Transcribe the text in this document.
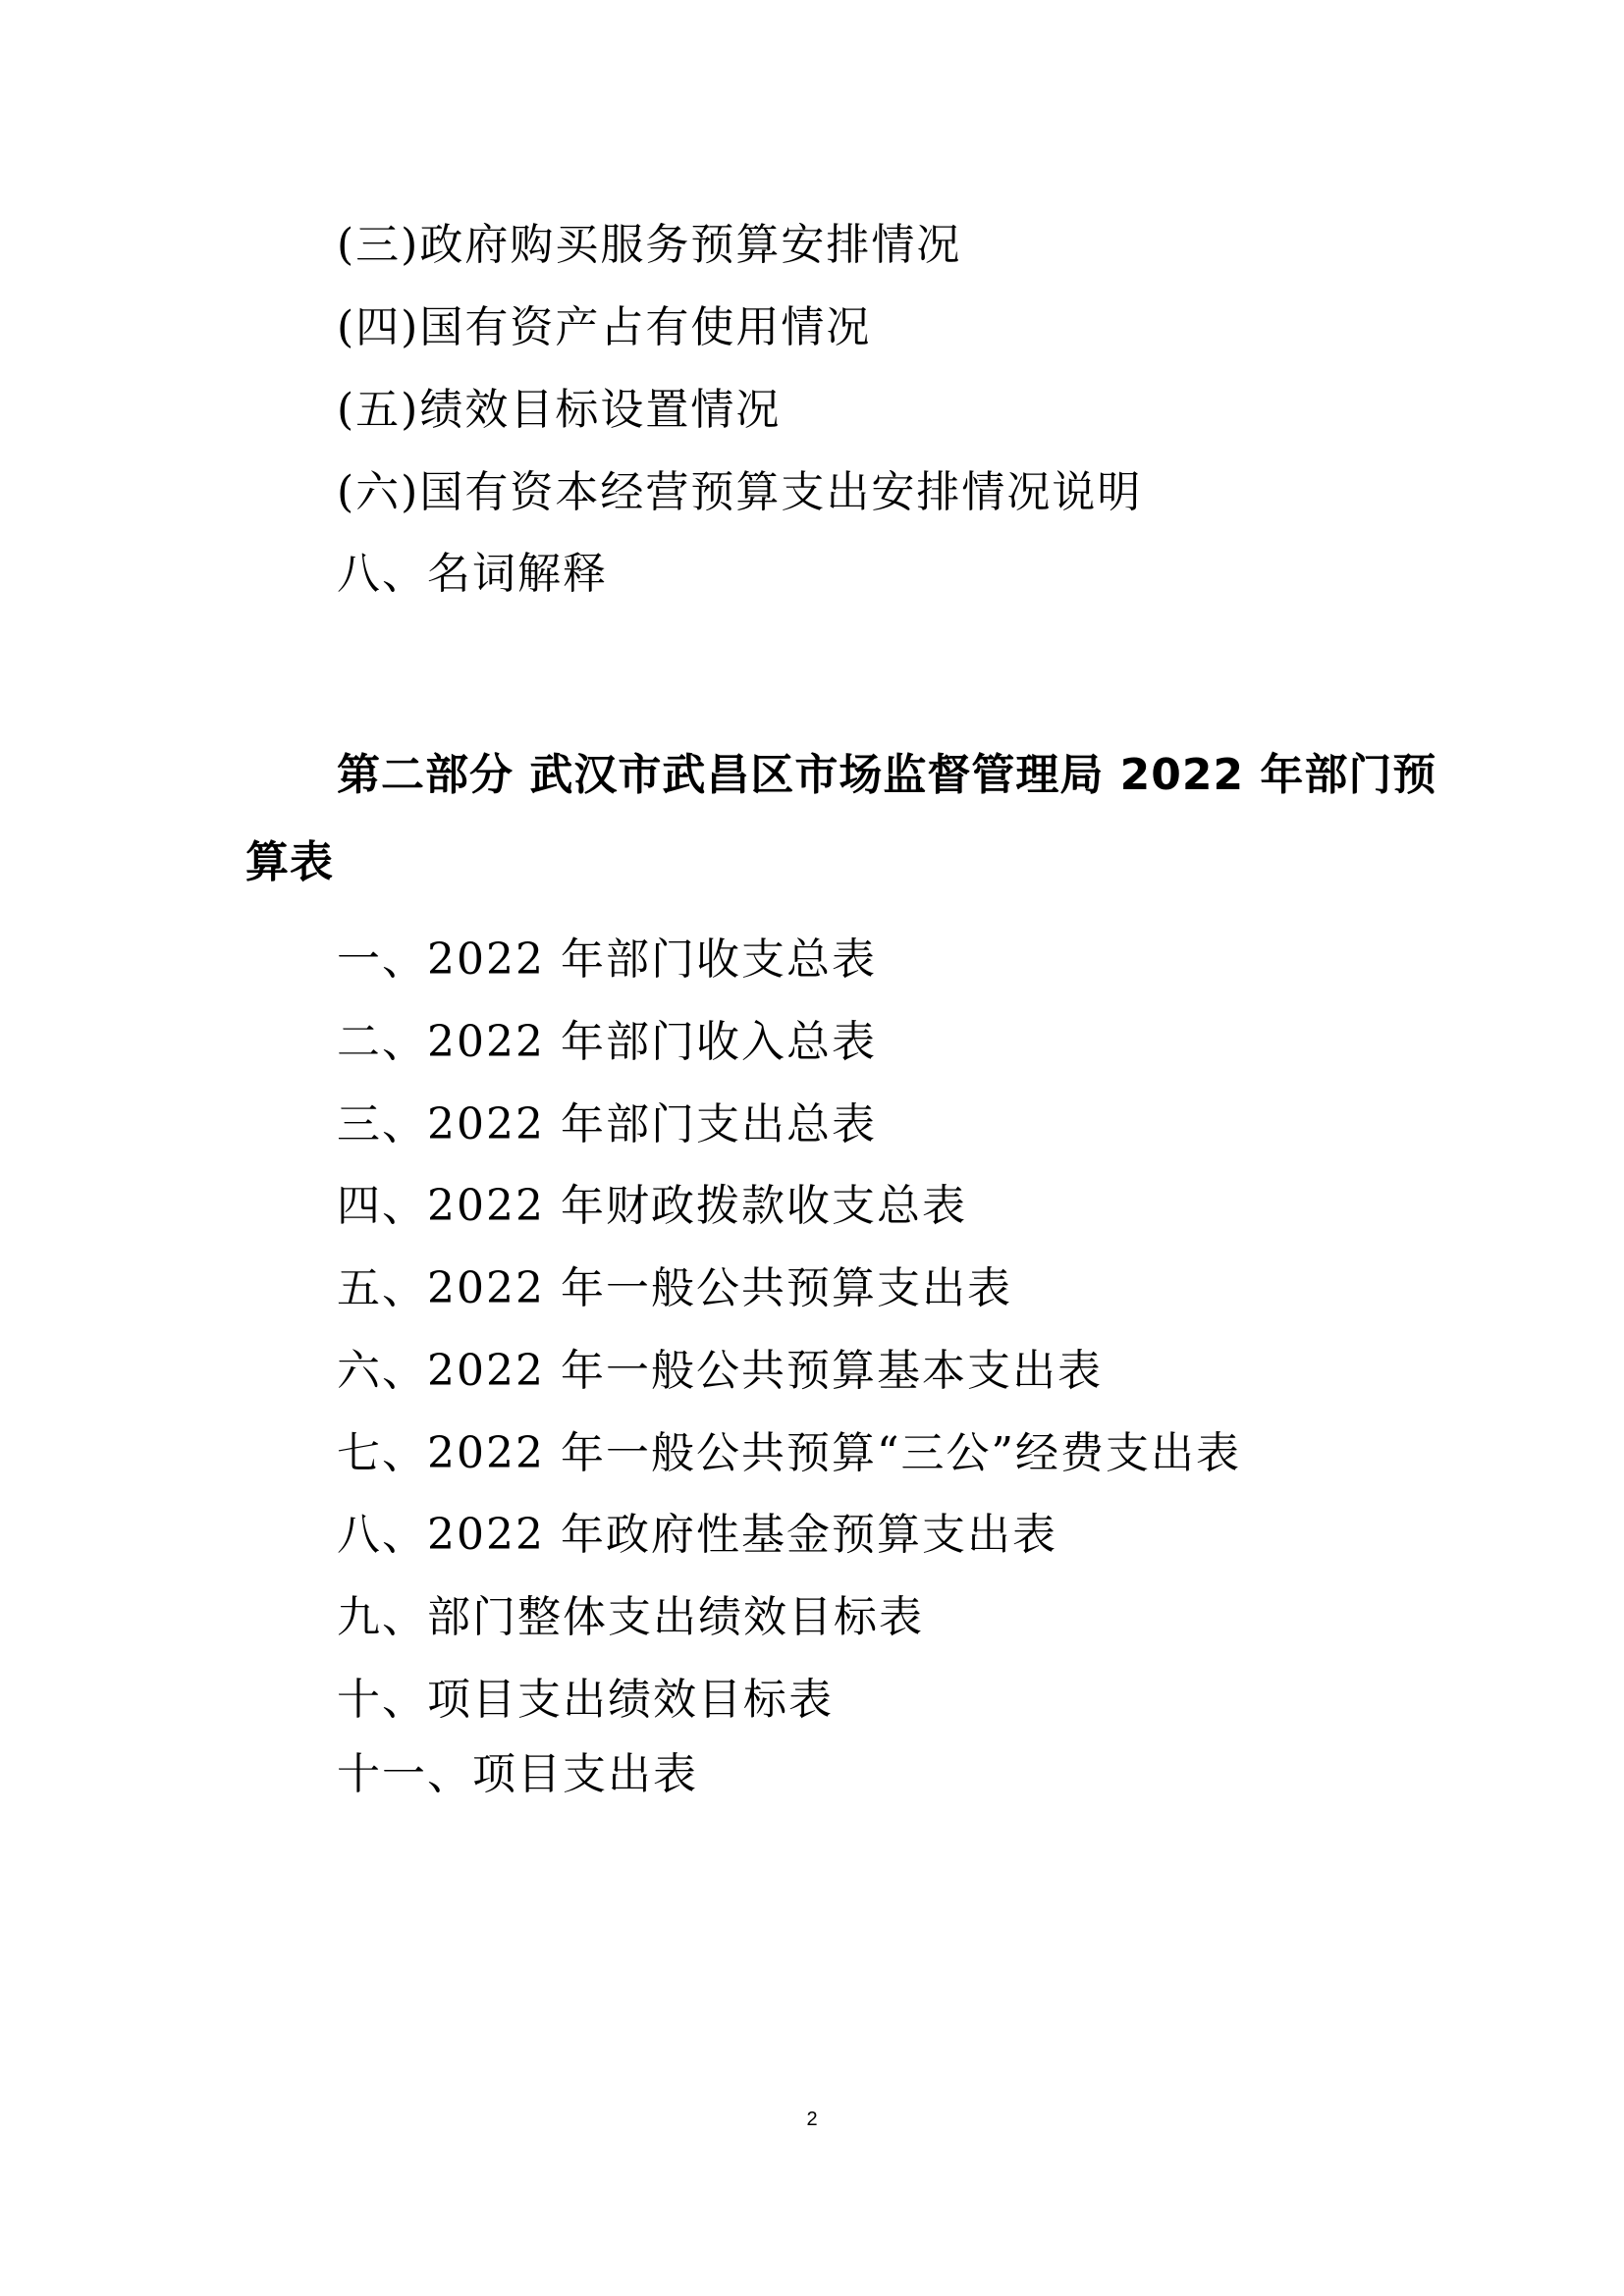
(三)政府购买服务预算安排情况
(四)国有资产占有使用情况
(五)绩效目标设置情况
(六)国有资本经营预算支出安排情况说明
八、名词解释
第二部分 武汉市武昌区市场监督管理局 2022 年部门预
算表
一、2022 年部门收支总表
二、2022 年部门收入总表
三、2022 年部门支出总表
四、2022 年财政拨款收支总表
五、2022 年一般公共预算支出表
六、2022 年一般公共预算基本支出表
七、2022 年一般公共预算“三公”经费支出表
八、2022 年政府性基金预算支出表
九、部门整体支出绩效目标表
十、项目支出绩效目标表
十一、项目支出表
2
